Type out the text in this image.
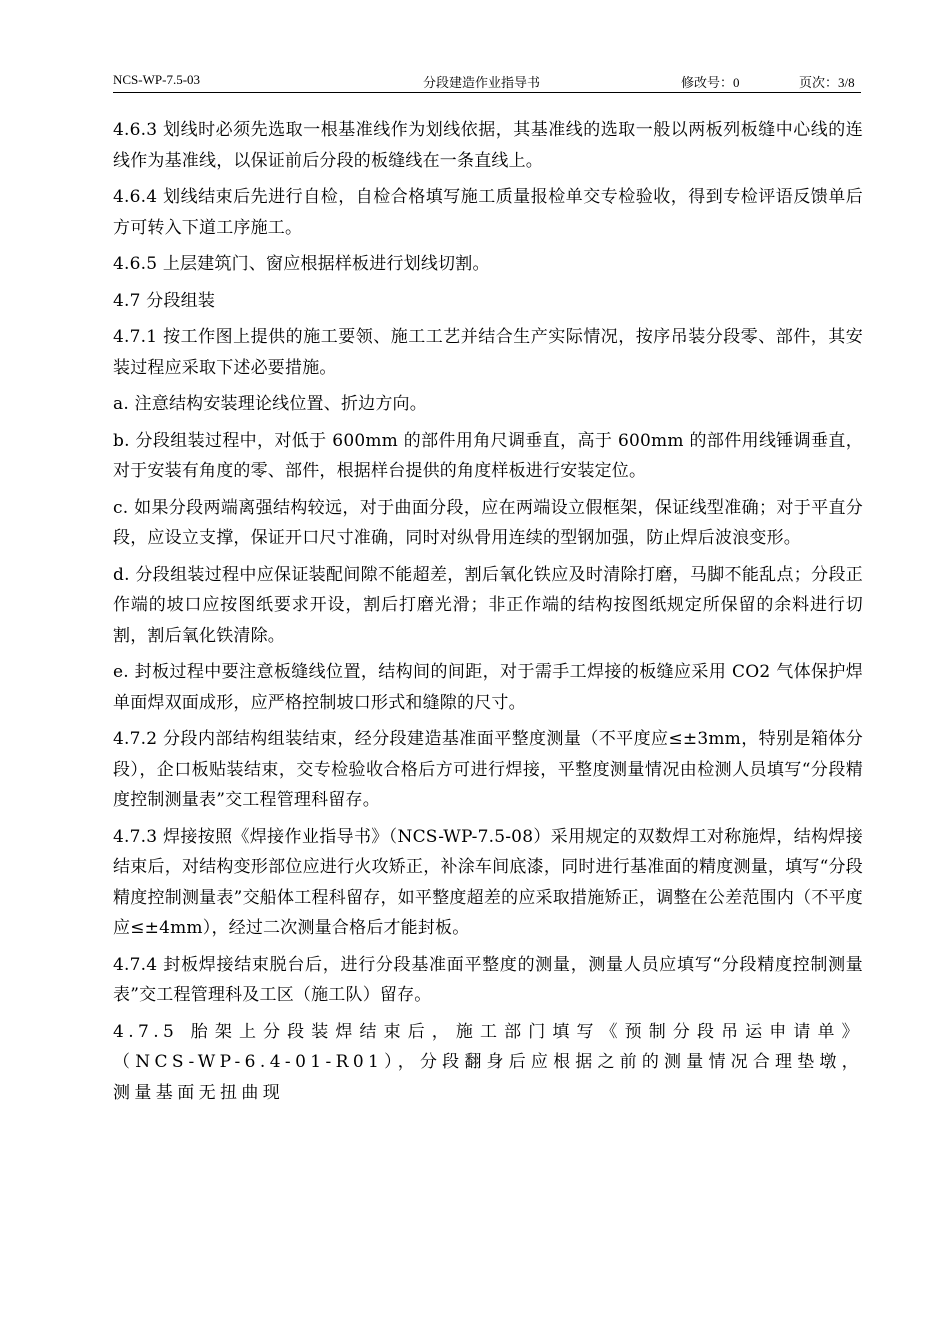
NCS-WP-7.5-03	分段建造作业指导书	修改号：0	页次：3/8

4.6.3 划线时必须先选取一根基准线作为划线依据，其基准线的选取一般以两板列板缝中心线的连线作为基准线，以保证前后分段的板缝线在一条直线上。

4.6.4 划线结束后先进行自检，自检合格填写施工质量报检单交专检验收，得到专检评语反馈单后方可转入下道工序施工。

4.6.5 上层建筑门、窗应根据样板进行划线切割。

4.7 分段组装

4.7.1 按工作图上提供的施工要领、施工工艺并结合生产实际情况，按序吊装分段零、部件，其安装过程应采取下述必要措施。

a. 注意结构安装理论线位置、折边方向。

b. 分段组装过程中，对低于 600mm 的部件用角尺调垂直，高于 600mm 的部件用线锤调垂直，对于安装有角度的零、部件，根据样台提供的角度样板进行安装定位。

c. 如果分段两端离强结构较远，对于曲面分段，应在两端设立假框架，保证线型准确；对于平直分段，应设立支撑，保证开口尺寸准确，同时对纵骨用连续的型钢加强，防止焊后波浪变形。

d. 分段组装过程中应保证装配间隙不能超差，割后氧化铁应及时清除打磨，马脚不能乱点；分段正作端的坡口应按图纸要求开设，割后打磨光滑；非正作端的结构按图纸规定所保留的余料进行切割，割后氧化铁清除。

e. 封板过程中要注意板缝线位置，结构间的间距，对于需手工焊接的板缝应采用 CO2 气体保护焊单面焊双面成形，应严格控制坡口形式和缝隙的尺寸。

4.7.2 分段内部结构组装结束，经分段建造基准面平整度测量（不平度应≤±3mm，特别是箱体分段），企口板贴装结束，交专检验收合格后方可进行焊接，平整度测量情况由检测人员填写“分段精度控制测量表”交工程管理科留存。

4.7.3 焊接按照《焊接作业指导书》（NCS-WP-7.5-08）采用规定的双数焊工对称施焊，结构焊接结束后，对结构变形部位应进行火攻矫正，补涂车间底漆，同时进行基准面的精度测量，填写“分段精度控制测量表”交船体工程科留存，如平整度超差的应采取措施矫正，调整在公差范围内（不平度应≤±4mm），经过二次测量合格后才能封板。

4.7.4 封板焊接结束脱台后，进行分段基准面平整度的测量，测量人员应填写“分段精度控制测量表”交工程管理科及工区（施工队）留存。

4.7.5 胎架上分段装焊结束后，施工部门填写《预制分段吊运申请单》（NCS-WP-6.4-01-R01），分段翻身后应根据之前的测量情况合理垫墩，测量基面无扭曲现
